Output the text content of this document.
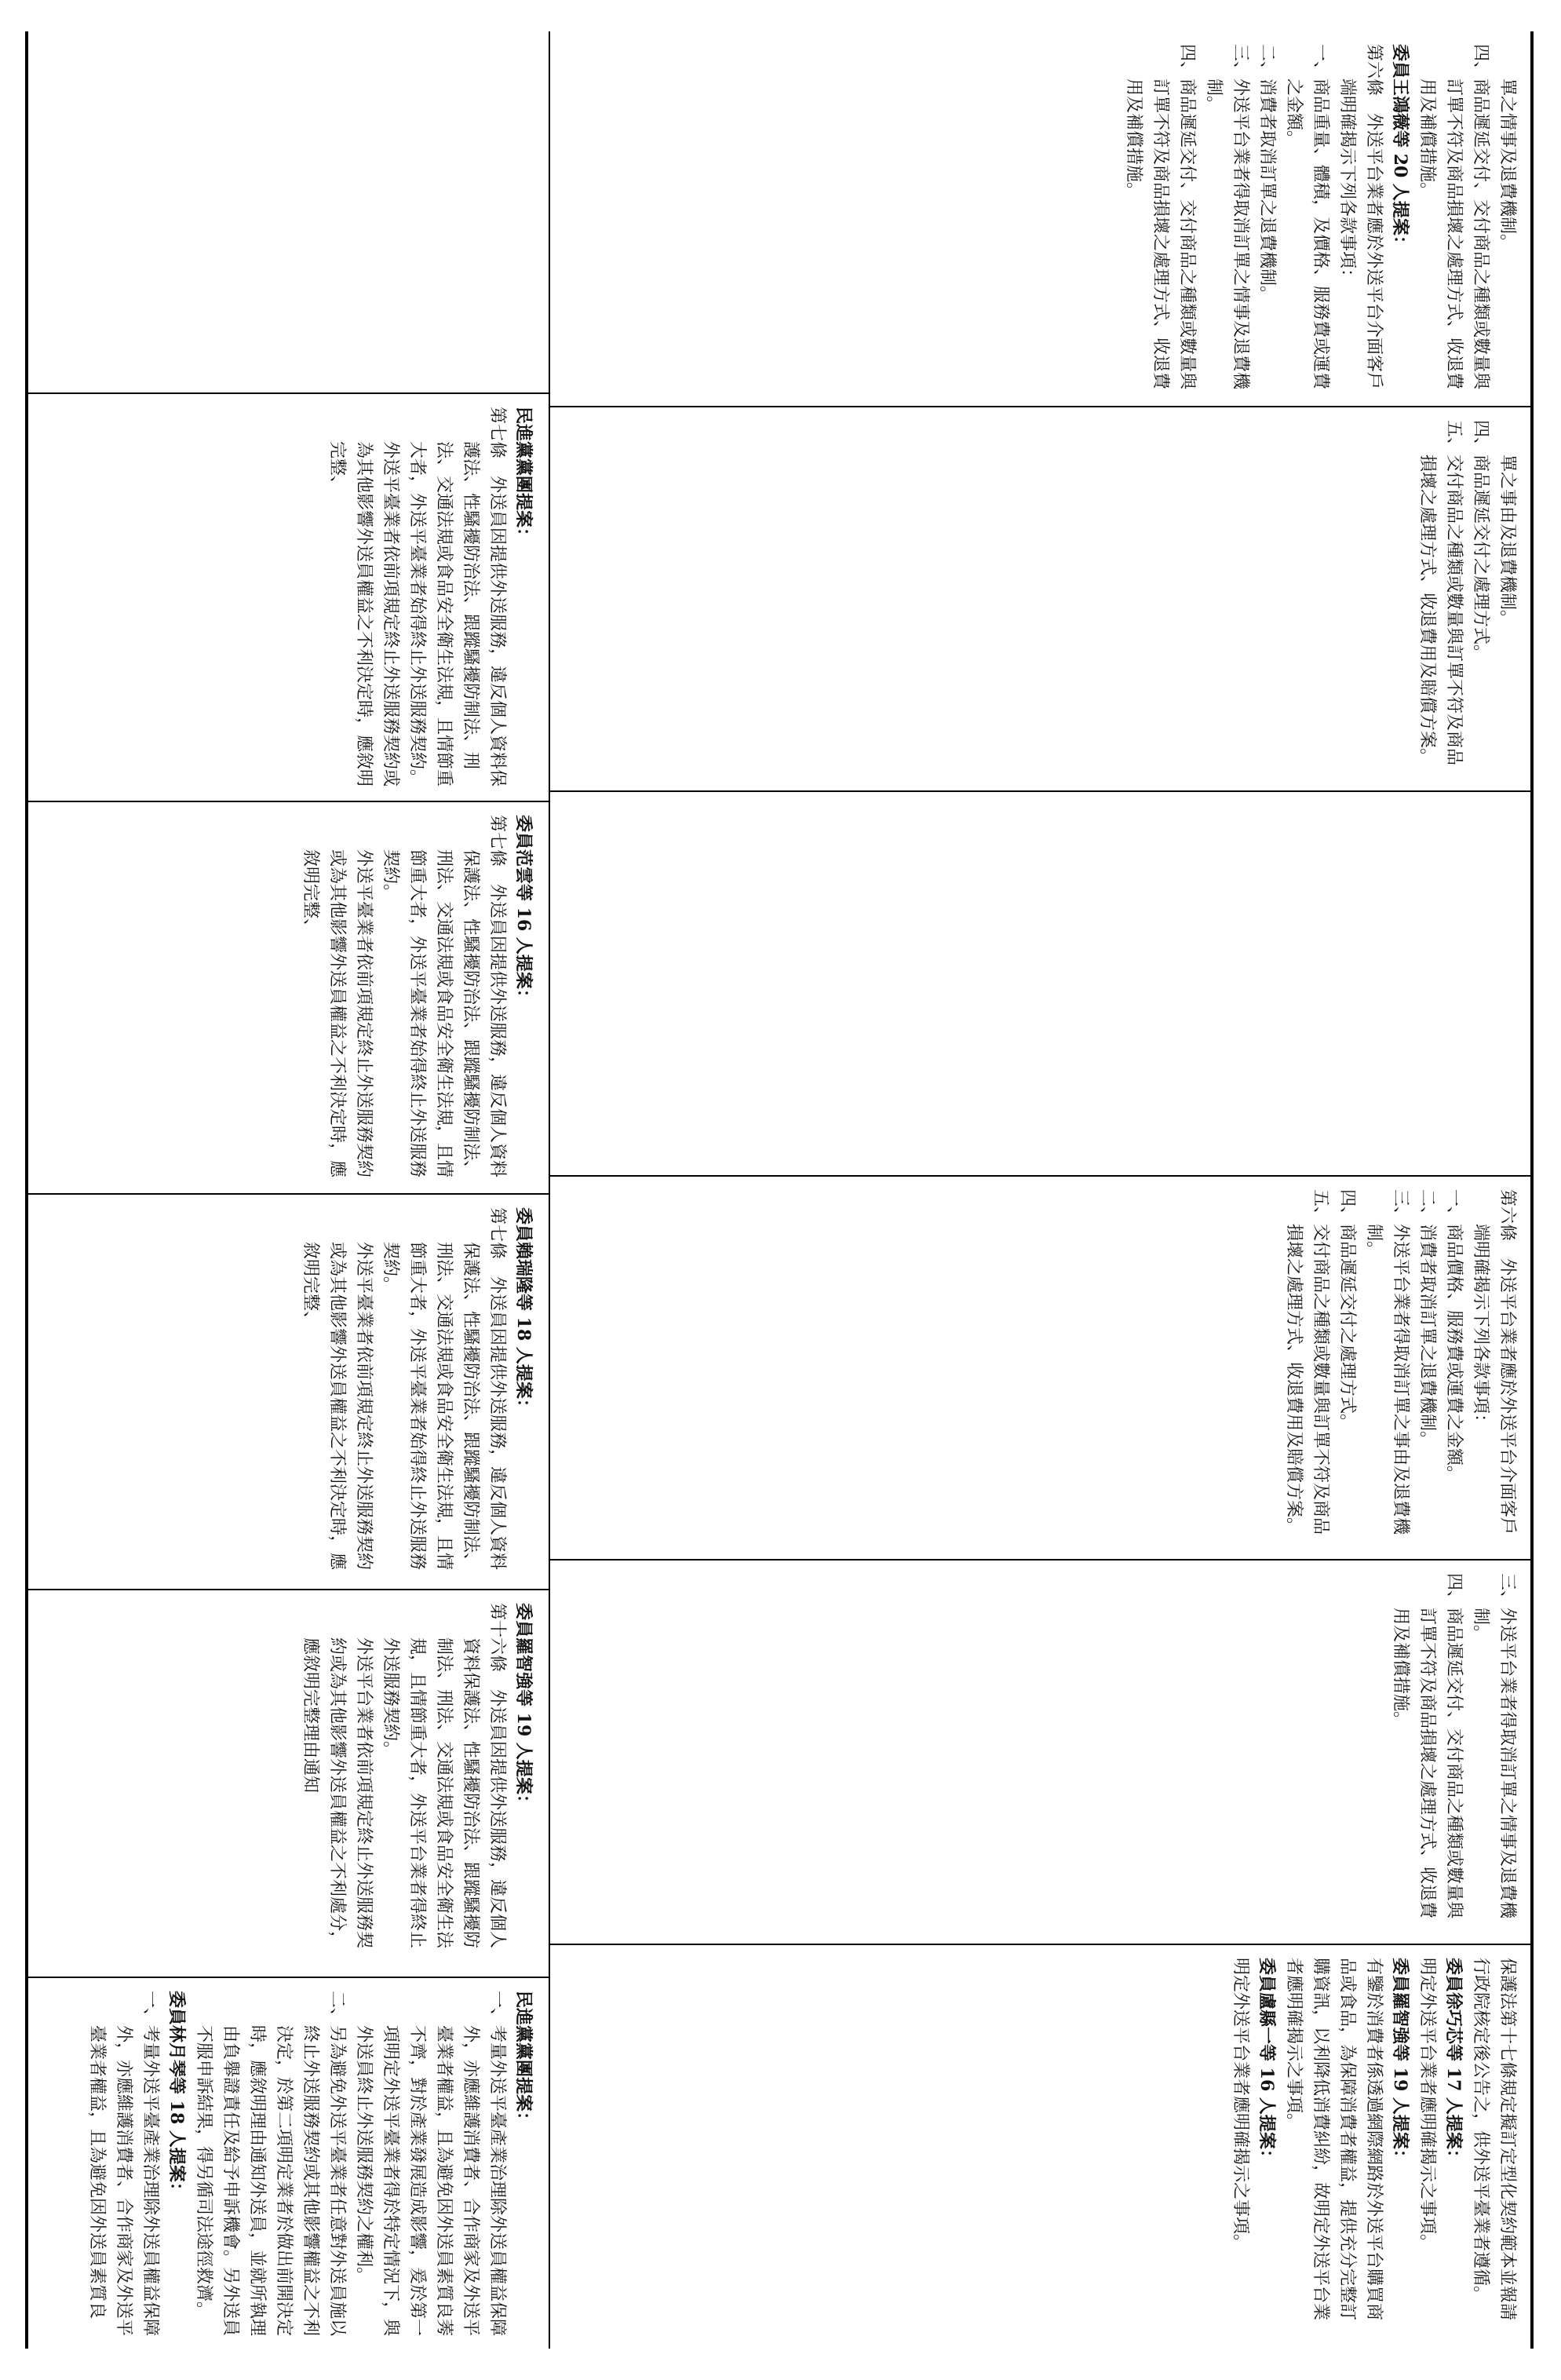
單之情事及退費機制。

四、商品遲延交付、交付商品之種類或數量與訂單不符及商品損壞之處理方式、收退費用及補償措施。

委員王鴻薇等 20 人提案：

第六條　外送平台業者應於外送平台介面客戶端明確揭示下列各款事項：

一、商品重量、體積，及價格、服務費或運費之金額。

二、消費者取消訂單之退費機制。

三、外送平台業者得取消訂單之情事及退費機制。

四、商品遲延交付、交付商品之種類或數量與訂單不符及商品損壞之處理方式、收退費用及補償措施。

單之事由及退費機制。

四、商品遲延交付之處理方式。

五、交付商品之種類或數量與訂單不符及商品損壞之處理方式、收退費用及賠償方案。

第六條　外送平台業者應於外送平台介面客戶端明確揭示下列各款事項：

一、商品價格、服務費或運費之金額。

二、消費者取消訂單之退費機制。

三、外送平台業者得取消訂單之事由及退費機制。

四、商品遲延交付之處理方式。

五、交付商品之種類或數量與訂單不符及商品損壞之處理方式、收退費用及賠償方案。

三、外送平台業者得取消訂單之情事及退費機制。

四、商品遲延交付、交付商品之種類或數量與訂單不符及商品損壞之處理方式、收退費用及補償措施。

保護法第十七條規定擬訂定型化契約範本並報請行政院核定後公告之，供外送平臺業者遵循。

委員徐巧芯等 17 人提案：

明定外送平台業者應明確揭示之事項。

委員羅智強等 19 人提案：

有鑒於消費者係透過網際網路於外送平台購買商品或食品，為保障消費者權益，提供充分完整訂購資訊，以利降低消費糾紛，故明定外送平台業者應明確揭示之事項。

委員盧縣一等 16 人提案：

明定外送平台業者應明確揭示之事項。

民進黨黨團提案：

第七條　外送員因提供外送服務，違反個人資料保護法、性騷擾防治法、跟蹤騷擾防制法、刑法、交通法規或食品安全衛生法規，且情節重大者，外送平臺業者始得終止外送服務契約。

外送平臺業者依前項規定終止外送服務契約或為其他影響外送員權益之不利決定時，應敘明完整、

委員范雲等 16 人提案：

第七條　外送員因提供外送服務，違反個人資料保護法、性騷擾防治法、跟蹤騷擾防制法、刑法、交通法規或食品安全衛生法規，且情節重大者，外送平臺業者始得終止外送服務契約。

外送平臺業者依前項規定終止外送服務契約或為其他影響外送員權益之不利決定時，應敘明完整、

委員賴瑞隆等 18 人提案：

第七條　外送員因提供外送服務，違反個人資料保護法、性騷擾防治法、跟蹤騷擾防制法、刑法、交通法規或食品安全衛生法規，且情節重大者，外送平臺業者始得終止外送服務契約。

外送平臺業者依前項規定終止外送服務契約或為其他影響外送員權益之不利決定時，應敘明完整、

委員羅智強等 19 人提案：

第十六條　外送員因提供外送服務，違反個人資料保護法、性騷擾防治法、跟蹤騷擾防制法、刑法、交通法規或食品安全衛生法規，且情節重大者，外送平台業者得終止外送服務契約。

外送平台業者依前項規定終止外送服務契約或為其他影響外送員權益之不利處分，應敘明完整理由通知

民進黨黨團提案：

一、考量外送平臺產業治理除外送員權益保障外，亦應維護消費者、合作商家及外送平臺業者權益，且為避免因外送員素質良莠不齊，對於產業發展造成影響，爰於第一項明定外送平臺業者得於特定情況下，與外送員終止外送服務契約之權利。

二、另為避免外送平臺業者任意對外送員施以終止外送服務契約或其他影響權益之不利決定，於第二項明定業者於做出前開決定時，應敘明理由通知外送員，並就所執理由負舉證責任及給予申訴機會。另外送員不服申訴結果，得另循司法途徑救濟。

委員林月琴等 18 人提案：

一、考量外送平臺產業治理除外送員權益保障外，亦應維護消費者、合作商家及外送平臺業者權益，且為避免因外送員素質良
